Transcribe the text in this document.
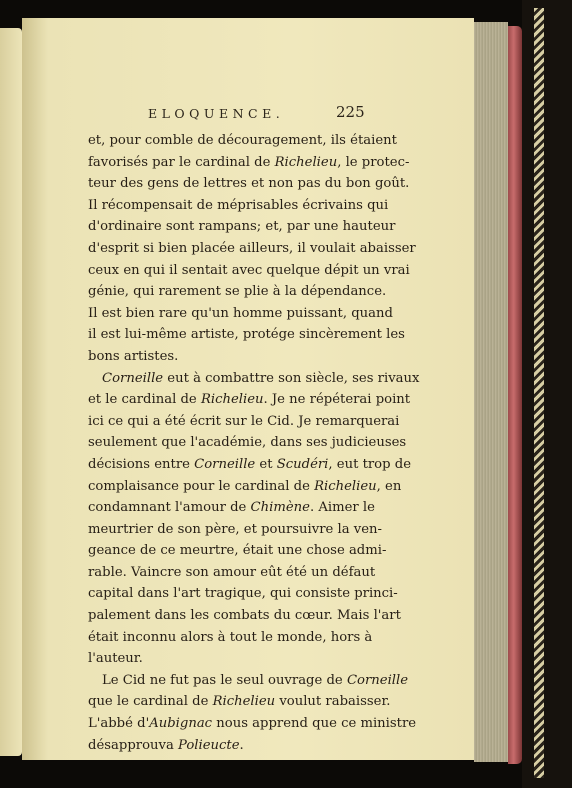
ELOQUENCE.	225
et, pour comble de découragement, ils étaient
favorisés par le cardinal de Richelieu, le protec-
teur des gens de lettres et non pas du bon goût.
Il récompensait de méprisables écrivains qui
d'ordinaire sont rampans; et, par une hauteur
d'esprit si bien placée ailleurs, il voulait abaisser
ceux en qui il sentait avec quelque dépit un vrai
génie, qui rarement se plie à la dépendance.
Il est bien rare qu'un homme puissant, quand
il est lui-même artiste, protége sincèrement les
bons artistes.
Corneille eut à combattre son siècle, ses rivaux
et le cardinal de Richelieu. Je ne répéterai point
ici ce qui a été écrit sur le Cid. Je remarquerai
seulement que l'académie, dans ses judicieuses
décisions entre Corneille et Scudéri, eut trop de
complaisance pour le cardinal de Richelieu, en
condamnant l'amour de Chimène. Aimer le
meurtrier de son père, et poursuivre la ven-
geance de ce meurtre, était une chose admi-
rable. Vaincre son amour eût été un défaut
capital dans l'art tragique, qui consiste princi-
palement dans les combats du cœur. Mais l'art
était inconnu alors à tout le monde, hors à
l'auteur.
Le Cid ne fut pas le seul ouvrage de Corneille
que le cardinal de Richelieu voulut rabaisser.
L'abbé d'Aubignac nous apprend que ce ministre
désapprouva Polieucte.
